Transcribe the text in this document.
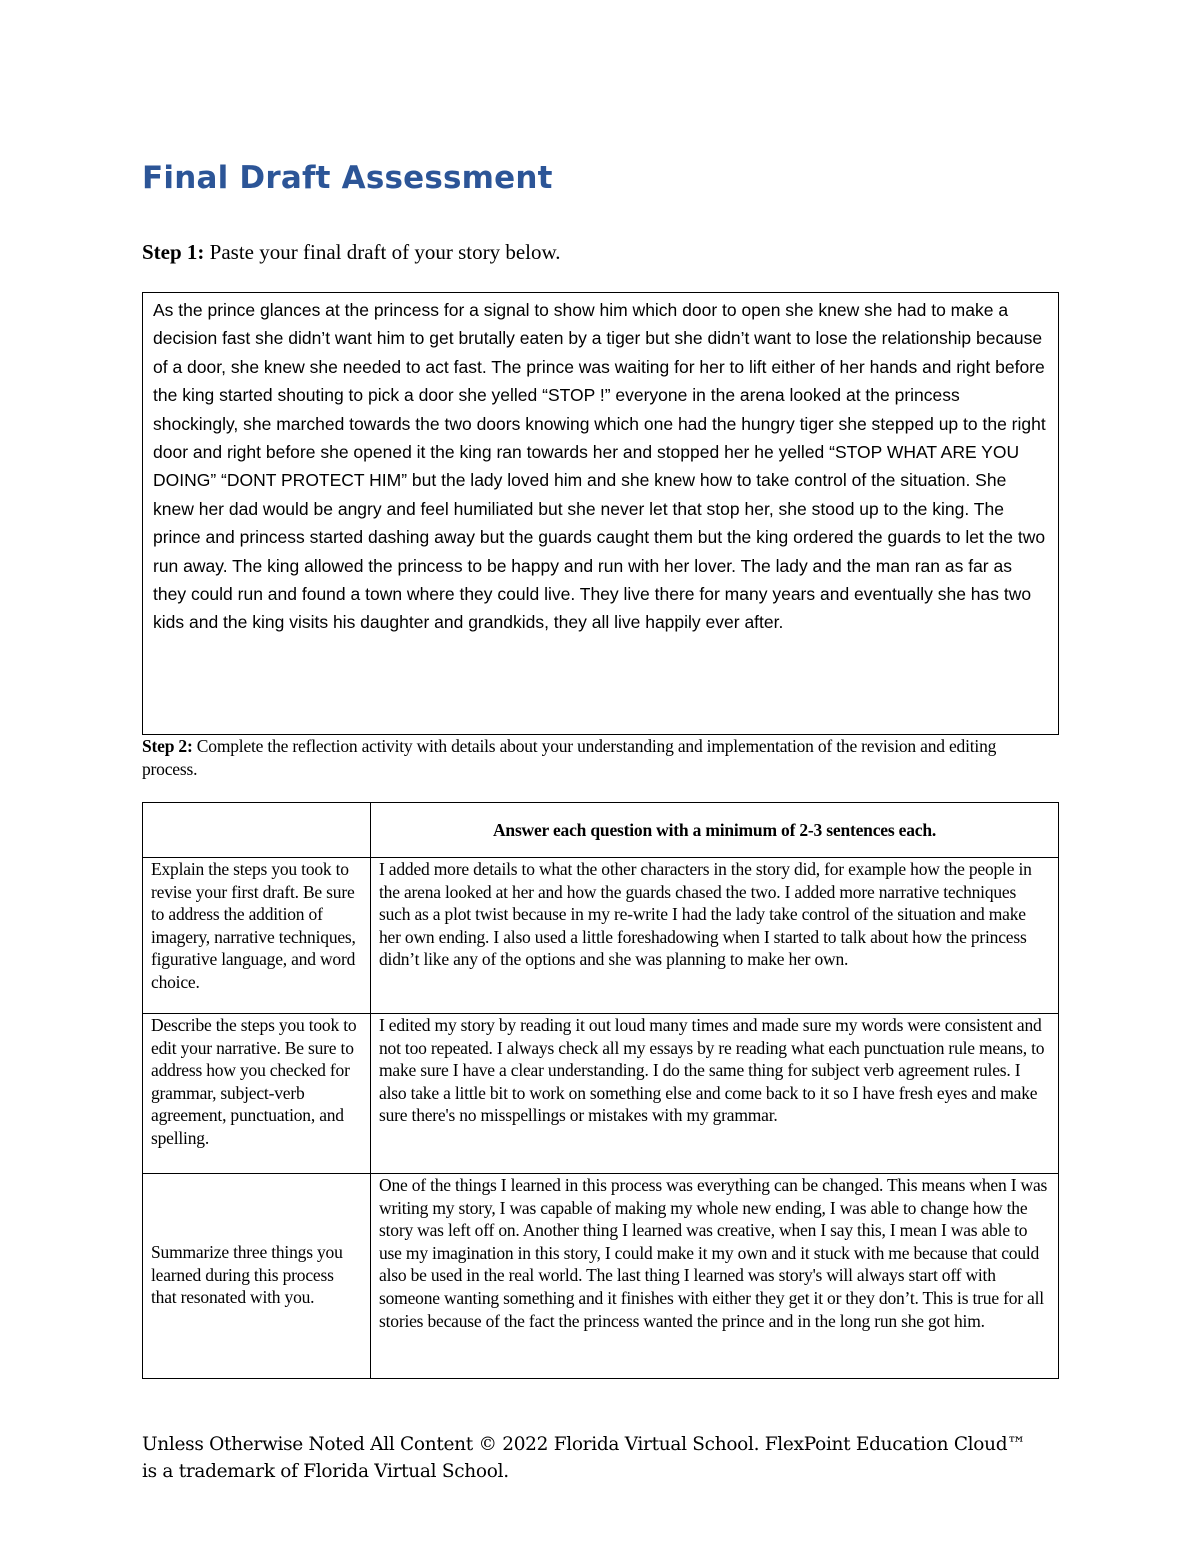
Final Draft Assessment

Step 1: Paste your final draft of your story below.

As the prince glances at the princess for a signal to show him which door to open she knew she had to make a decision fast she didn’t want him to get brutally eaten by a tiger but she didn’t want to lose the relationship because of a door, she knew she needed to act fast. The prince was waiting for her to lift either of her hands and right before the king started shouting to pick a door she yelled “STOP !” everyone in the arena looked at the princess shockingly, she marched towards the two doors knowing which one had the hungry tiger she stepped up to the right door and right before she opened it the king ran towards her and stopped her he yelled “STOP WHAT ARE YOU DOING” “DONT PROTECT HIM” but the lady loved him and she knew how to take control of the situation. She knew her dad would be angry and feel humiliated but she never let that stop her, she stood up to the king. The prince and princess started dashing away but the guards caught them but the king ordered the guards to let the two run away. The king allowed the princess to be happy and run with her lover. The lady and the man ran as far as they could run and found a town where they could live. They live there for many years and eventually she has two kids and the king visits his daughter and grandkids, they all live happily ever after.

Step 2: Complete the reflection activity with details about your understanding and implementation of the revision and editing process.

	Answer each question with a minimum of 2-3 sentences each.
Explain the steps you took to revise your first draft. Be sure to address the addition of imagery, narrative techniques, figurative language, and word choice.	I added more details to what the other characters in the story did, for example how the people in the arena looked at her and how the guards chased the two. I added more narrative techniques such as a plot twist because in my re-write I had the lady take control of the situation and make her own ending. I also used a little foreshadowing when I started to talk about how the princess didn’t like any of the options and she was planning to make her own.
Describe the steps you took to edit your narrative. Be sure to address how you checked for grammar, subject-verb agreement, punctuation, and spelling.	I edited my story by reading it out loud many times and made sure my words were consistent and not too repeated. I always check all my essays by re reading what each punctuation rule means, to make sure I have a clear understanding. I do the same thing for subject verb agreement rules. I also take a little bit to work on something else and come back to it so I have fresh eyes and make sure there's no misspellings or mistakes with my grammar.
Summarize three things you learned during this process that resonated with you.	One of the things I learned in this process was everything can be changed. This means when I was writing my story, I was capable of making my whole new ending, I was able to change how the story was left off on. Another thing I learned was creative, when I say this, I mean I was able to use my imagination in this story, I could make it my own and it stuck with me because that could also be used in the real world. The last thing I learned was story's will always start off with someone wanting something and it finishes with either they get it or they don’t. This is true for all stories because of the fact the princess wanted the prince and in the long run she got him.

Unless Otherwise Noted All Content © 2022 Florida Virtual School. FlexPoint Education Cloud™ is a trademark of Florida Virtual School.
